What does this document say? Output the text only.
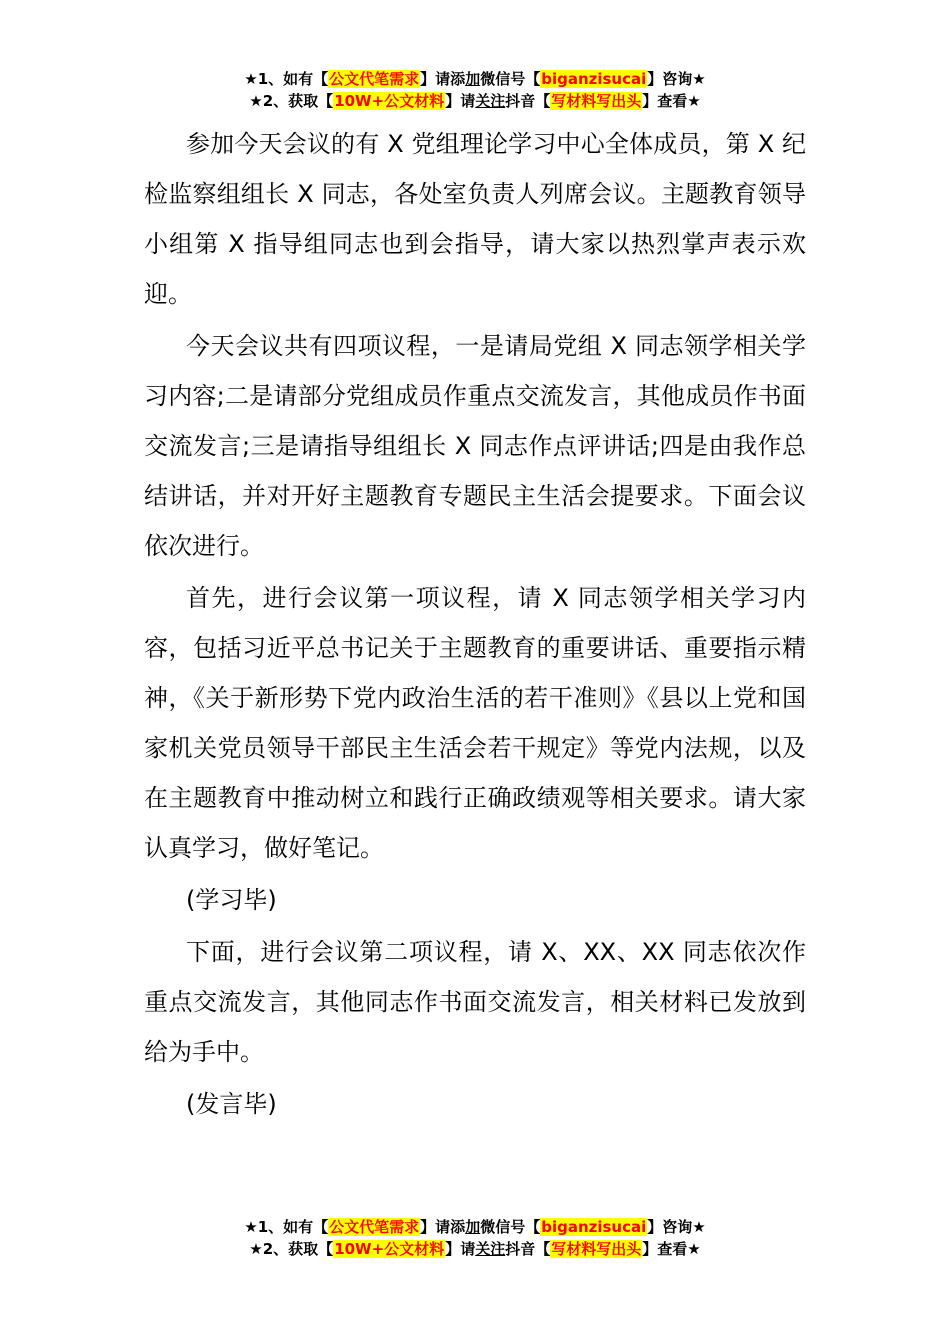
★1、如有【公文代笔需求】请添加微信号【biganzisucai】咨询★
★2、获取【10W+公文材料】请关注抖音【写材料写出头】查看★

参加今天会议的有 X 党组理论学习中心全体成员，第 X 纪检监察组组长 X 同志，各处室负责人列席会议。主题教育领导小组第 X 指导组同志也到会指导，请大家以热烈掌声表示欢迎。

今天会议共有四项议程，一是请局党组 X 同志领学相关学习内容;二是请部分党组成员作重点交流发言，其他成员作书面交流发言;三是请指导组组长 X 同志作点评讲话;四是由我作总结讲话，并对开好主题教育专题民主生活会提要求。下面会议依次进行。

首先，进行会议第一项议程，请 X 同志领学相关学习内容，包括习近平总书记关于主题教育的重要讲话、重要指示精神，《关于新形势下党内政治生活的若干准则》《县以上党和国家机关党员领导干部民主生活会若干规定》等党内法规，以及在主题教育中推动树立和践行正确政绩观等相关要求。请大家认真学习，做好笔记。

(学习毕)

下面，进行会议第二项议程，请 X、XX、XX 同志依次作重点交流发言，其他同志作书面交流发言，相关材料已发放到给为手中。

(发言毕)

★1、如有【公文代笔需求】请添加微信号【biganzisucai】咨询★
★2、获取【10W+公文材料】请关注抖音【写材料写出头】查看★
